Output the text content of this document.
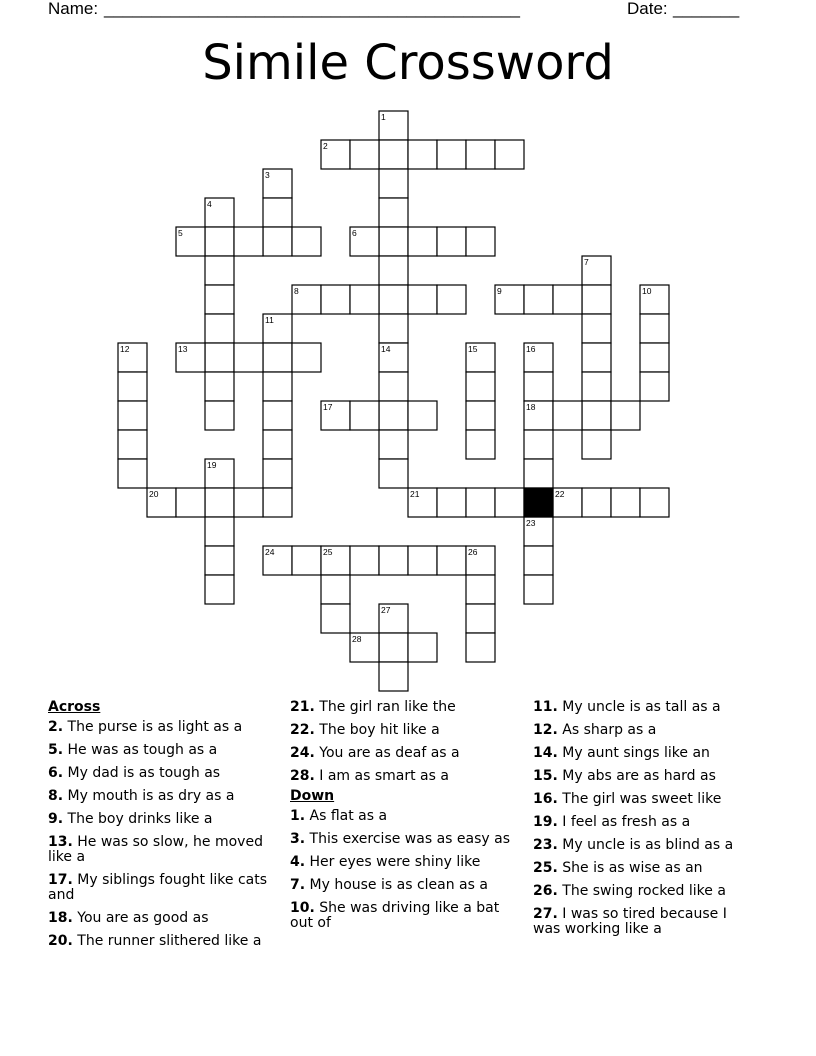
Name: ____________________________________________	Date: _______
Simile Crossword
1
2
3
4
5	6
7
8	9	10
11
12	13	14	15	16
17	18
19
20	21	22
23
24	25	26
27
28
Across
2. The purse is as light as a
5. He was as tough as a
6. My dad is as tough as
8. My mouth is as dry as a
9. The boy drinks like a
13. He was so slow, he moved like a
17. My siblings fought like cats and
18. You are as good as
20. The runner slithered like a
21. The girl ran like the
22. The boy hit like a
24. You are as deaf as a
28. I am as smart as a
Down
1. As flat as a
3. This exercise was as easy as
4. Her eyes were shiny like
7. My house is as clean as a
10. She was driving like a bat out of
11. My uncle is as tall as a
12. As sharp as a
14. My aunt sings like an
15. My abs are as hard as
16. The girl was sweet like
19. I feel as fresh as a
23. My uncle is as blind as a
25. She is as wise as an
26. The swing rocked like a
27. I was so tired because I was working like a
